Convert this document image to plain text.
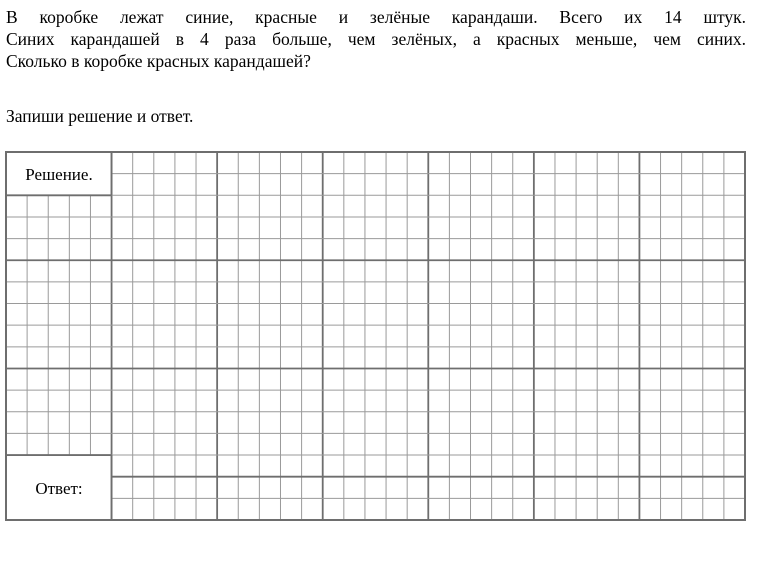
В коробке лежат синие, красные и зелёные карандаши. Всего их 14 штук.
Синих карандашей в 4 раза больше, чем зелёных, а красных меньше, чем синих.
Сколько в коробке красных карандашей?
Запиши решение и ответ.
Решение.
Ответ:
